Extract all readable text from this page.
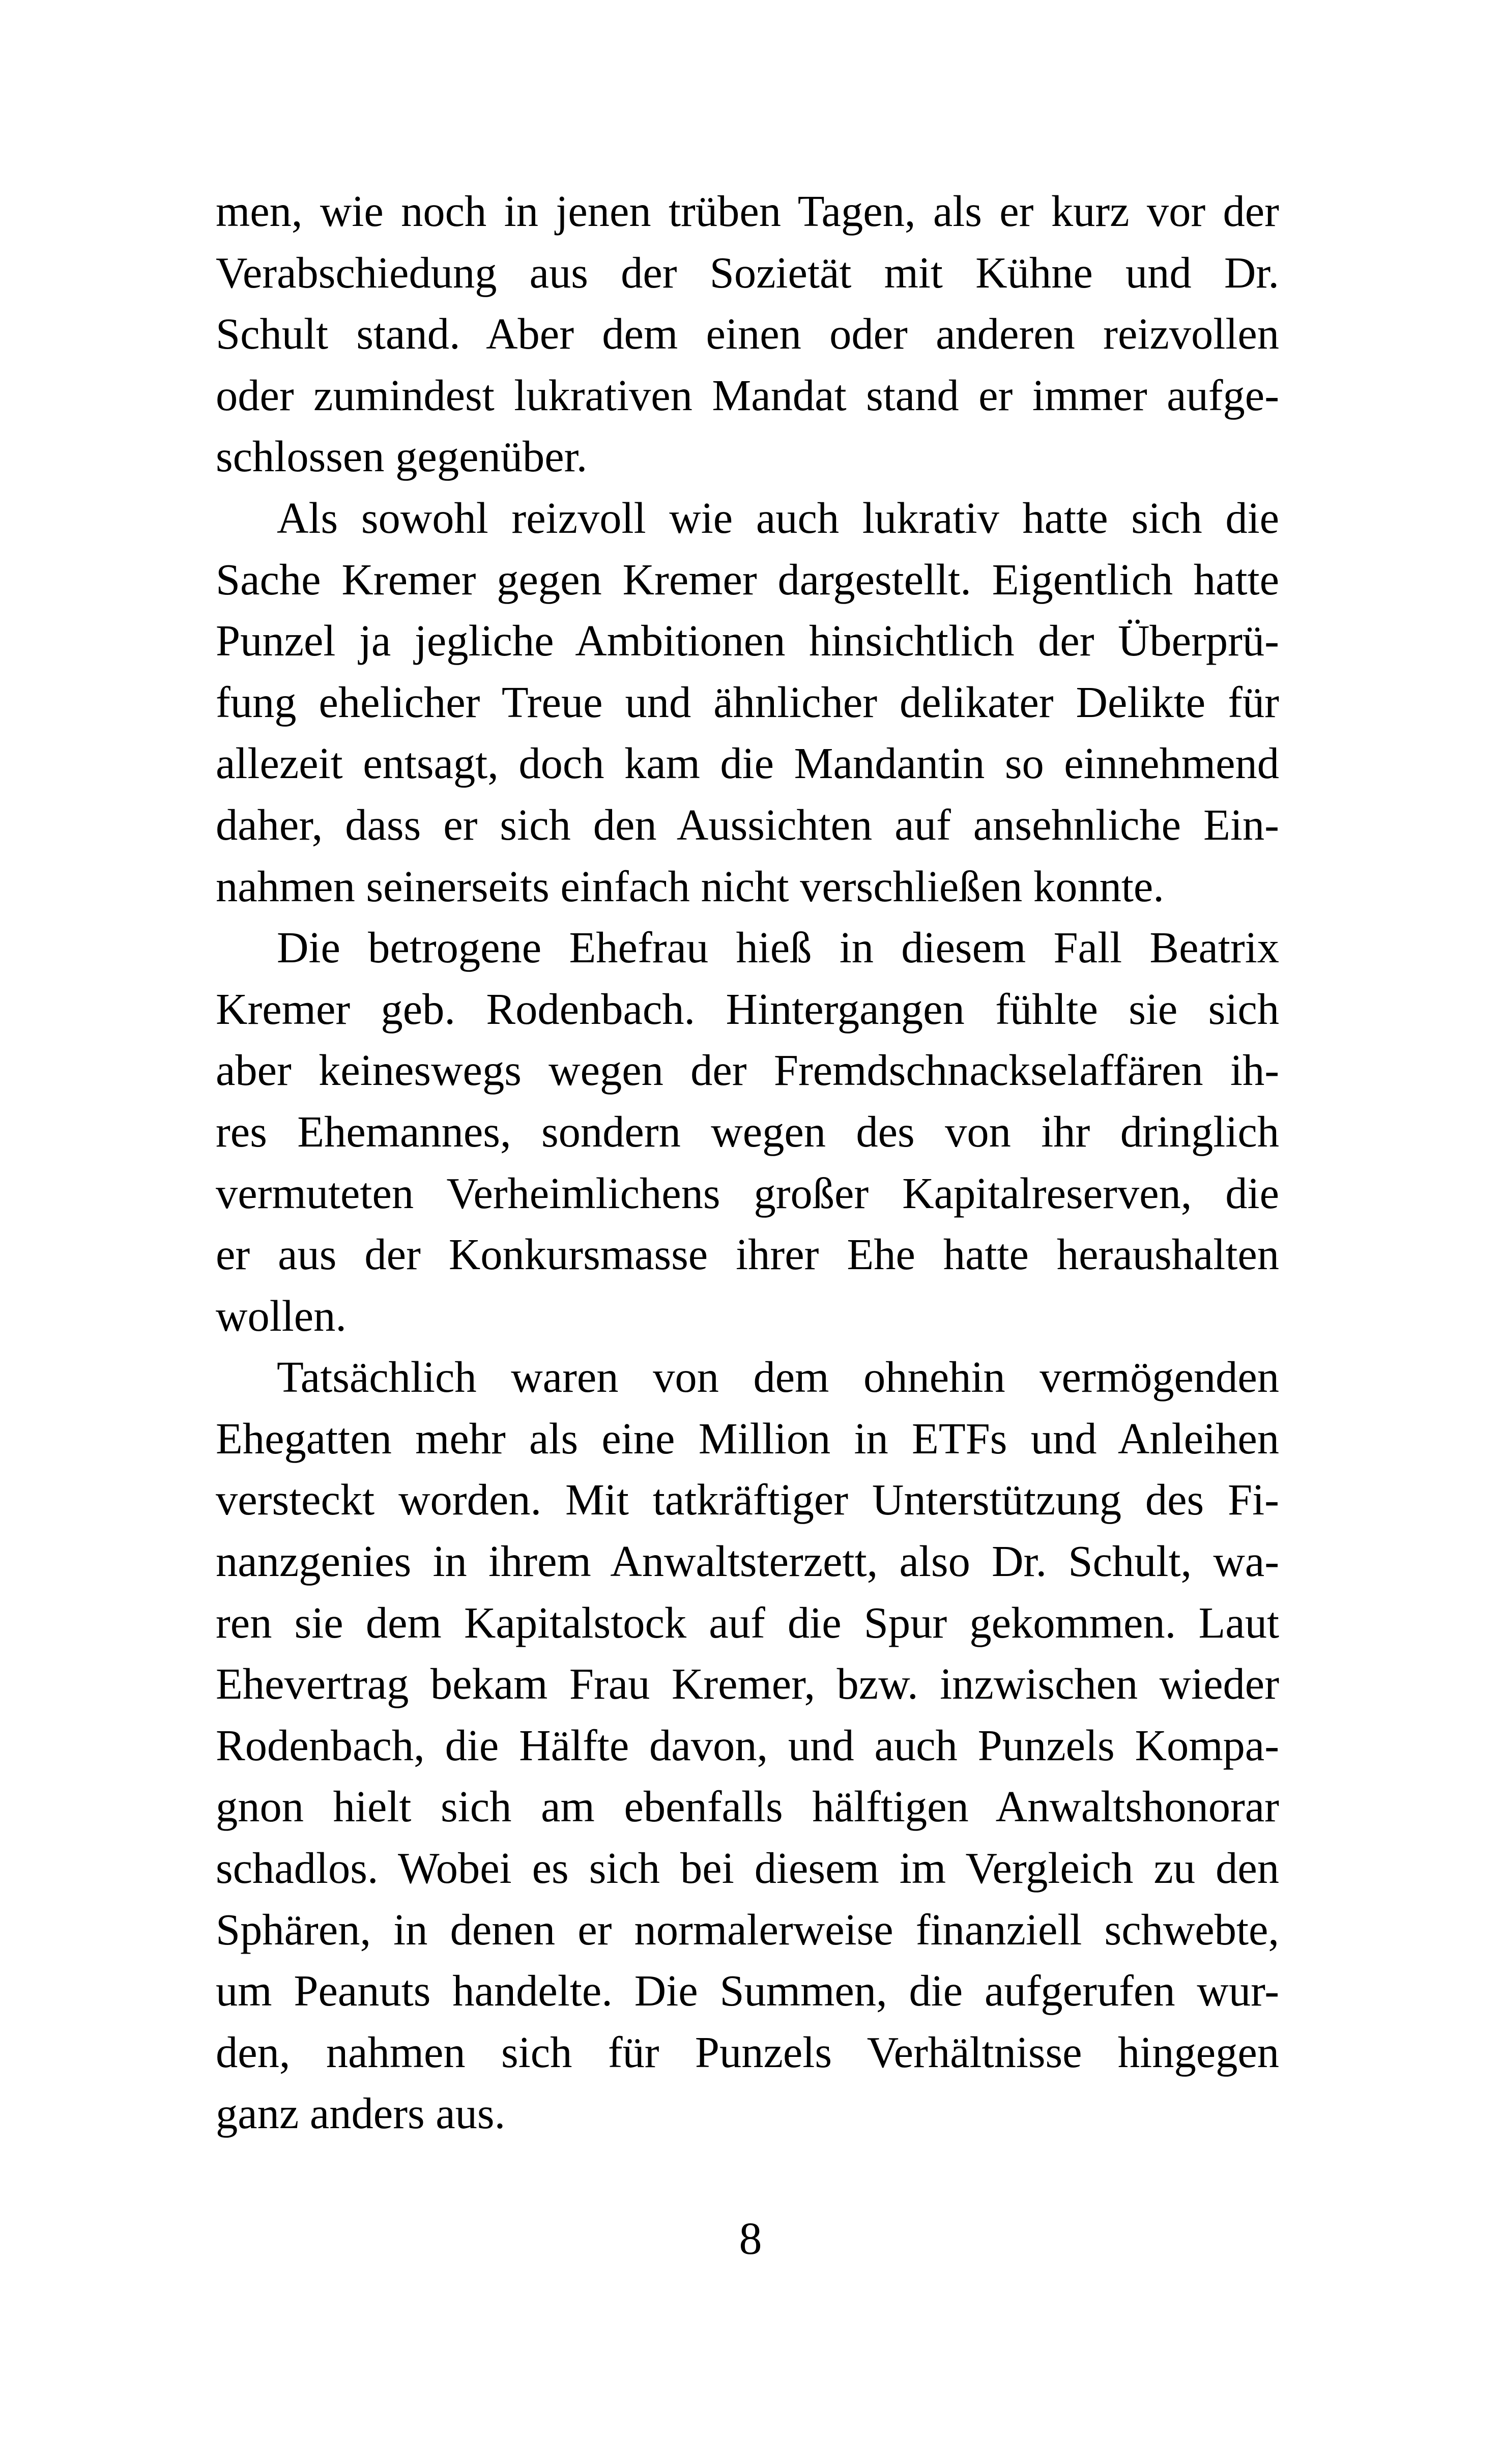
men, wie noch in jenen trüben Tagen, als er kurz vor der
Verabschiedung aus der Sozietät mit Kühne und Dr.
Schult stand. Aber dem einen oder anderen reizvollen
oder zumindest lukrativen Mandat stand er immer aufge-
schlossen gegenüber.
Als sowohl reizvoll wie auch lukrativ hatte sich die
Sache Kremer gegen Kremer dargestellt. Eigentlich hatte
Punzel ja jegliche Ambitionen hinsichtlich der Überprü-
fung ehelicher Treue und ähnlicher delikater Delikte für
allezeit entsagt, doch kam die Mandantin so einnehmend
daher, dass er sich den Aussichten auf ansehnliche Ein-
nahmen seinerseits einfach nicht verschließen konnte.
Die betrogene Ehefrau hieß in diesem Fall Beatrix
Kremer geb. Rodenbach. Hintergangen fühlte sie sich
aber keineswegs wegen der Fremdschnackselaffären ih-
res Ehemannes, sondern wegen des von ihr dringlich
vermuteten Verheimlichens großer Kapitalreserven, die
er aus der Konkursmasse ihrer Ehe hatte heraushalten
wollen.
Tatsächlich waren von dem ohnehin vermögenden
Ehegatten mehr als eine Million in ETFs und Anleihen
versteckt worden. Mit tatkräftiger Unterstützung des Fi-
nanzgenies in ihrem Anwaltsterzett, also Dr. Schult, wa-
ren sie dem Kapitalstock auf die Spur gekommen. Laut
Ehevertrag bekam Frau Kremer, bzw. inzwischen wieder
Rodenbach, die Hälfte davon, und auch Punzels Kompa-
gnon hielt sich am ebenfalls hälftigen Anwaltshonorar
schadlos. Wobei es sich bei diesem im Vergleich zu den
Sphären, in denen er normalerweise finanziell schwebte,
um Peanuts handelte. Die Summen, die aufgerufen wur-
den, nahmen sich für Punzels Verhältnisse hingegen
ganz anders aus.
8
